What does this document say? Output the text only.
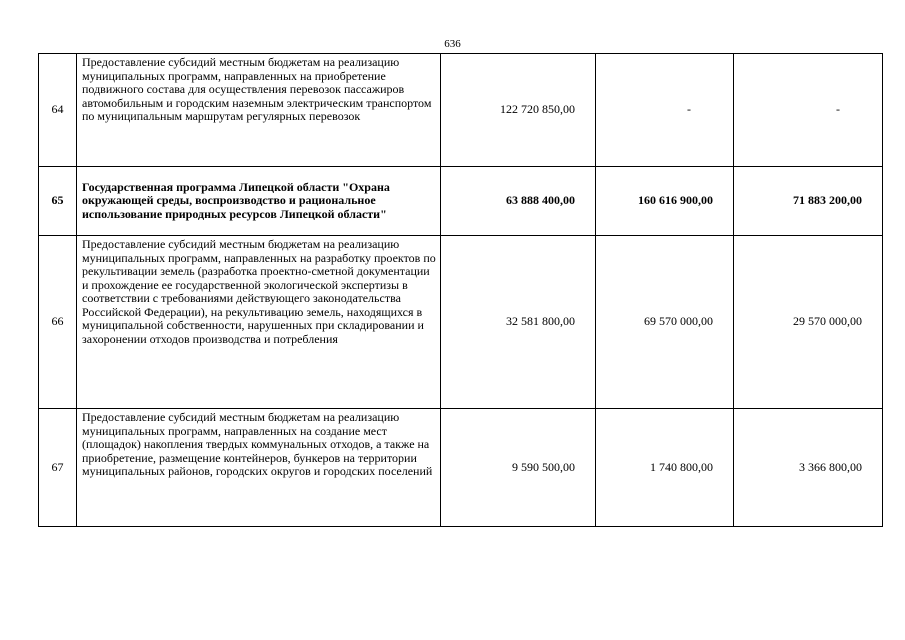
636
64	Предоставление субсидий местным бюджетам на реализацию муниципальных программ, направленных на приобретение подвижного состава для осуществления перевозок пассажиров автомобильным и городским наземным электрическим транспортом по муниципальным маршрутам регулярных перевозок	122 720 850,00	-	-
65	Государственная программа Липецкой области "Охрана окружающей среды, воспроизводство и рациональное использование природных ресурсов Липецкой области"	63 888 400,00	160 616 900,00	71 883 200,00
66	Предоставление субсидий местным бюджетам на реализацию муниципальных программ, направленных на разработку проектов по рекультивации земель (разработка проектно-сметной документации и прохождение ее государственной экологической экспертизы в соответствии с требованиями действующего законодательства Российской Федерации), на рекультивацию земель, находящихся в муниципальной собственности, нарушенных при складировании и захоронении отходов производства и потребления	32 581 800,00	69 570 000,00	29 570 000,00
67	Предоставление субсидий местным бюджетам на реализацию муниципальных программ, направленных на создание мест (площадок) накопления твердых коммунальных отходов, а также на приобретение, размещение контейнеров, бункеров на территории муниципальных районов, городских округов и городских поселений	9 590 500,00	1 740 800,00	3 366 800,00
